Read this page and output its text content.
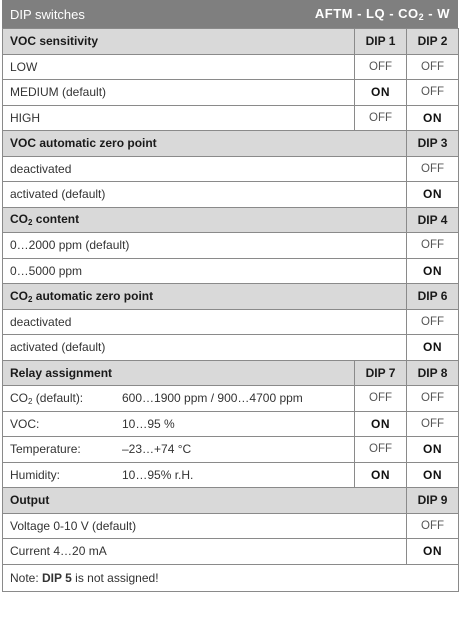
DIP switches	AFTM - LQ - $CO_2$ - W
VOC sensitivity	DIP 1	DIP 2
LOW	OFF	OFF
MEDIUM (default)	ON	OFF
HIGH	OFF	ON
VOC automatic zero point		DIP 3
deactivated		OFF
activated (default)		ON
$CO_2$ content		DIP 4
0…2000 ppm (default)		OFF
0…5000 ppm		ON
$CO_2$ automatic zero point		DIP 6
deactivated		OFF
activated (default)		ON
Relay assignment	DIP 7	DIP 8
$CO_2$ (default): 600…1900 ppm / 900…4700 ppm	OFF	OFF
VOC: 10…95 %	ON	OFF
Temperature: –23…+74 °C	OFF	ON
Humidity: 10…95% r.H.	ON	ON
Output		DIP 9
Voltage 0-10 V (default)		OFF
Current 4…20 mA		ON
Note: DIP 5 is not assigned!		
